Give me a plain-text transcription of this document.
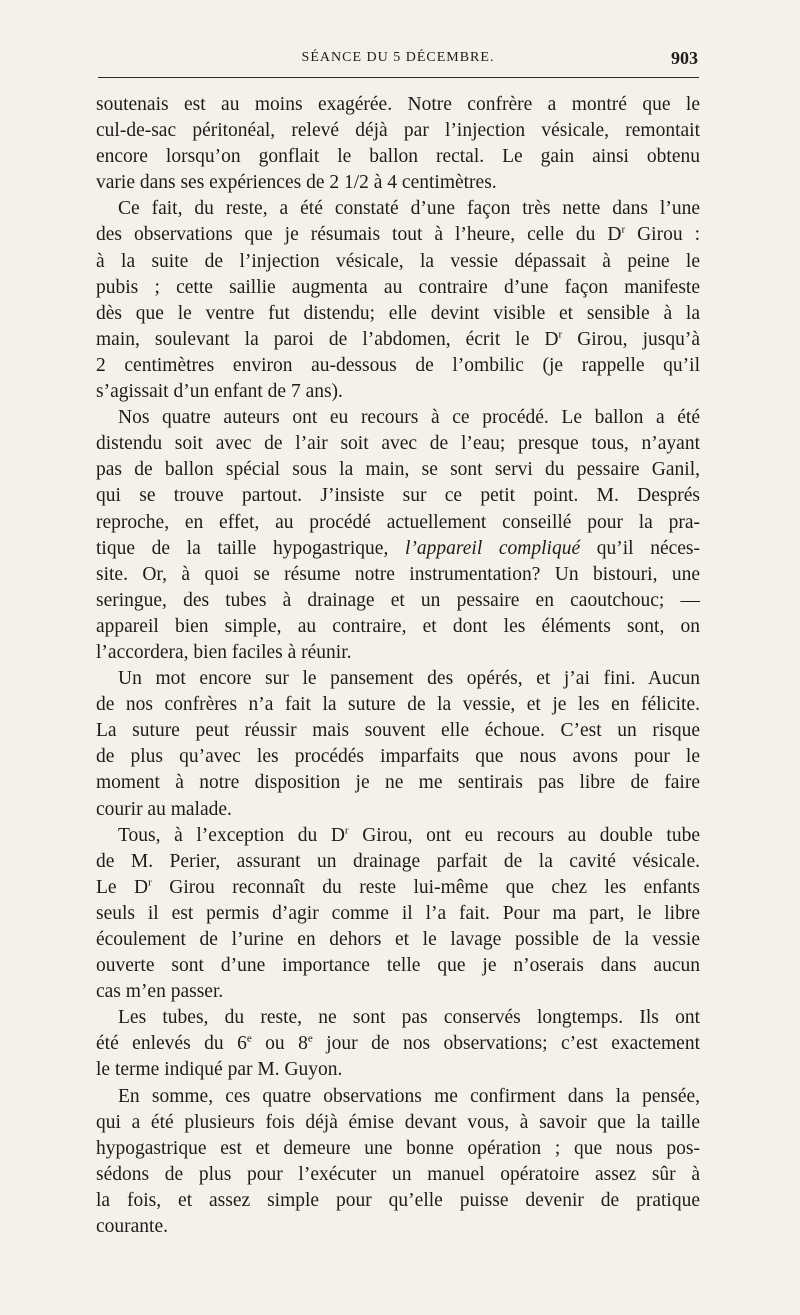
SÉANCE DU 5 DÉCEMBRE.	903
soutenais est au moins exagérée. Notre confrère a montré que le
cul-de-sac péritonéal, relevé déjà par l’injection vésicale, remontait
encore lorsqu’on gonflait le ballon rectal. Le gain ainsi obtenu
varie dans ses expériences de 2 1/2 à 4 centimètres.
Ce fait, du reste, a été constaté d’une façon très nette dans l’une
des observations que je résumais tout à l’heure, celle du $D^r$ Girou :
à la suite de l’injection vésicale, la vessie dépassait à peine le
pubis ; cette saillie augmenta au contraire d’une façon manifeste
dès que le ventre fut distendu; elle devint visible et sensible à la
main, soulevant la paroi de l’abdomen, écrit le $D^r$ Girou, jusqu’à
2 centimètres environ au-dessous de l’ombilic (je rappelle qu’il
s’agissait d’un enfant de 7 ans).
Nos quatre auteurs ont eu recours à ce procédé. Le ballon a été
distendu soit avec de l’air soit avec de l’eau; presque tous, n’ayant
pas de ballon spécial sous la main, se sont servi du pessaire Ganil,
qui se trouve partout. J’insiste sur ce petit point. M. Després
reproche, en effet, au procédé actuellement conseillé pour la pra-
tique de la taille hypogastrique, l’appareil compliqué qu’il néces-
site. Or, à quoi se résume notre instrumentation? Un bistouri, une
seringue, des tubes à drainage et un pessaire en caoutchouc; —
appareil bien simple, au contraire, et dont les éléments sont, on
l’accordera, bien faciles à réunir.
Un mot encore sur le pansement des opérés, et j’ai fini. Aucun
de nos confrères n’a fait la suture de la vessie, et je les en félicite.
La suture peut réussir mais souvent elle échoue. C’est un risque
de plus qu’avec les procédés imparfaits que nous avons pour le
moment à notre disposition je ne me sentirais pas libre de faire
courir au malade.
Tous, à l’exception du $D^r$ Girou, ont eu recours au double tube
de M. Perier, assurant un drainage parfait de la cavité vésicale.
Le $D^r$ Girou reconnaît du reste lui-même que chez les enfants
seuls il est permis d’agir comme il l’a fait. Pour ma part, le libre
écoulement de l’urine en dehors et le lavage possible de la vessie
ouverte sont d’une importance telle que je n’oserais dans aucun
cas m’en passer.
Les tubes, du reste, ne sont pas conservés longtemps. Ils ont
été enlevés du 6e ou 8e jour de nos observations; c’est exactement
le terme indiqué par M. Guyon.
En somme, ces quatre observations me confirment dans la pensée,
qui a été plusieurs fois déjà émise devant vous, à savoir que la taille
hypogastrique est et demeure une bonne opération ; que nous pos-
sédons de plus pour l’exécuter un manuel opératoire assez sûr à
la fois, et assez simple pour qu’elle puisse devenir de pratique
courante.
